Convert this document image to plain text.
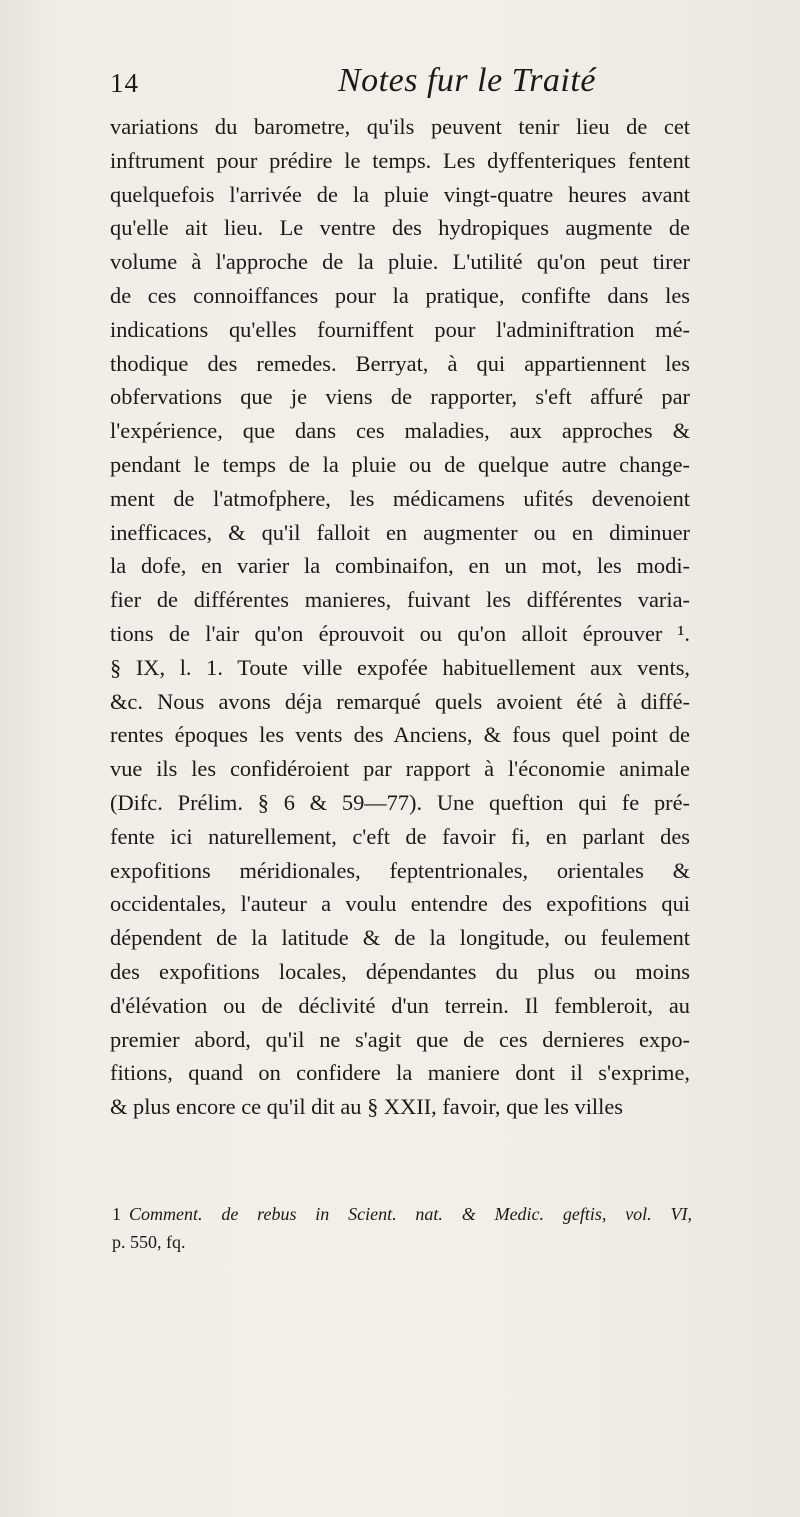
14	Notes fur le Traité
variations du barometre, qu'ils peuvent tenir lieu de cet
inftrument pour prédire le temps. Les dyffenteriques fentent
quelquefois l'arrivée de la pluie vingt-quatre heures avant
qu'elle ait lieu. Le ventre des hydropiques augmente de
volume à l'approche de la pluie. L'utilité qu'on peut tirer
de ces connoiffances pour la pratique, confifte dans les
indications qu'elles fourniffent pour l'adminiftration mé-
thodique des remedes. Berryat, à qui appartiennent les
obfervations que je viens de rapporter, s'eft affuré par
l'expérience, que dans ces maladies, aux approches &
pendant le temps de la pluie ou de quelque autre change-
ment de l'atmofphere, les médicamens ufités devenoient
inefficaces, & qu'il falloit en augmenter ou en diminuer
la dofe, en varier la combinaifon, en un mot, les modi-
fier de différentes manieres, fuivant les différentes varia-
tions de l'air qu'on éprouvoit ou qu'on alloit éprouver ¹.
§ IX, l. 1. Toute ville expofée habituellement aux vents,
&c. Nous avons déja remarqué quels avoient été à diffé-
rentes époques les vents des Anciens, & fous quel point de
vue ils les confidéroient par rapport à l'économie animale
(Difc. Prélim. § 6 & 59—77). Une queftion qui fe pré-
fente ici naturellement, c'eft de favoir fi, en parlant des
expofitions méridionales, feptentrionales, orientales &
occidentales, l'auteur a voulu entendre des expofitions qui
dépendent de la latitude & de la longitude, ou feulement
des expofitions locales, dépendantes du plus ou moins
d'élévation ou de déclivité d'un terrein. Il fembleroit, au
premier abord, qu'il ne s'agit que de ces dernieres expo-
fitions, quand on confidere la maniere dont il s'exprime,
& plus encore ce qu'il dit au § XXII, favoir, que les villes
1 Comment. de rebus in Scient. nat. & Medic. geftis, vol. VI,
p. 550, fq.
